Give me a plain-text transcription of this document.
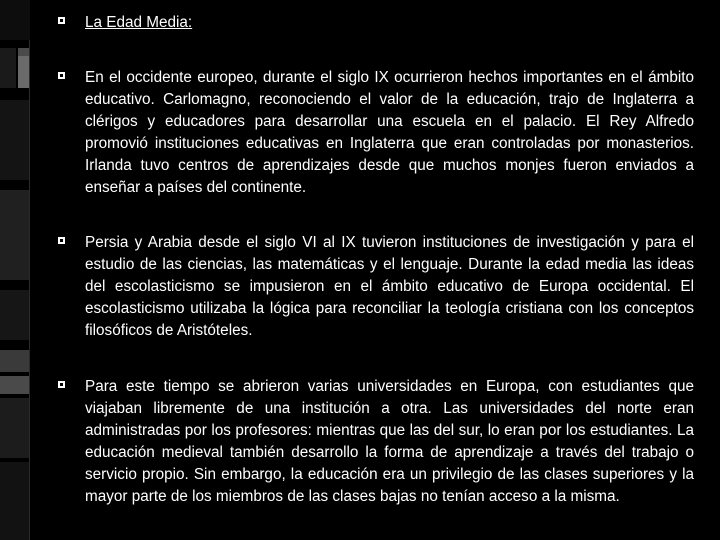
La Edad Media:
En el occidente europeo, durante el siglo IX ocurrieron hechos importantes en el ámbito educativo. Carlomagno, reconociendo el valor de la educación, trajo de Inglaterra a clérigos y educadores para desarrollar una escuela en el palacio. El Rey Alfredo promovió instituciones educativas en Inglaterra que eran controladas por monasterios. Irlanda tuvo centros de aprendizajes desde que muchos monjes fueron enviados a enseñar a países del continente.
Persia y Arabia desde el siglo VI al IX tuvieron instituciones de investigación y para el estudio de las ciencias, las matemáticas y el lenguaje. Durante la edad media las ideas del escolasticismo se impusieron en el ámbito educativo de Europa occidental. El escolasticismo utilizaba la lógica para reconciliar la teología cristiana con los conceptos filosóficos de Aristóteles.
Para este tiempo se abrieron varias universidades en Europa, con estudiantes que viajaban libremente de una institución a otra. Las universidades del norte eran administradas por los profesores: mientras que las del sur, lo eran por los estudiantes. La educación medieval también desarrollo la forma de aprendizaje a través del trabajo o servicio propio. Sin embargo, la educación era un privilegio de las clases superiores y la mayor parte de los miembros de las clases bajas no tenían acceso a la misma.
